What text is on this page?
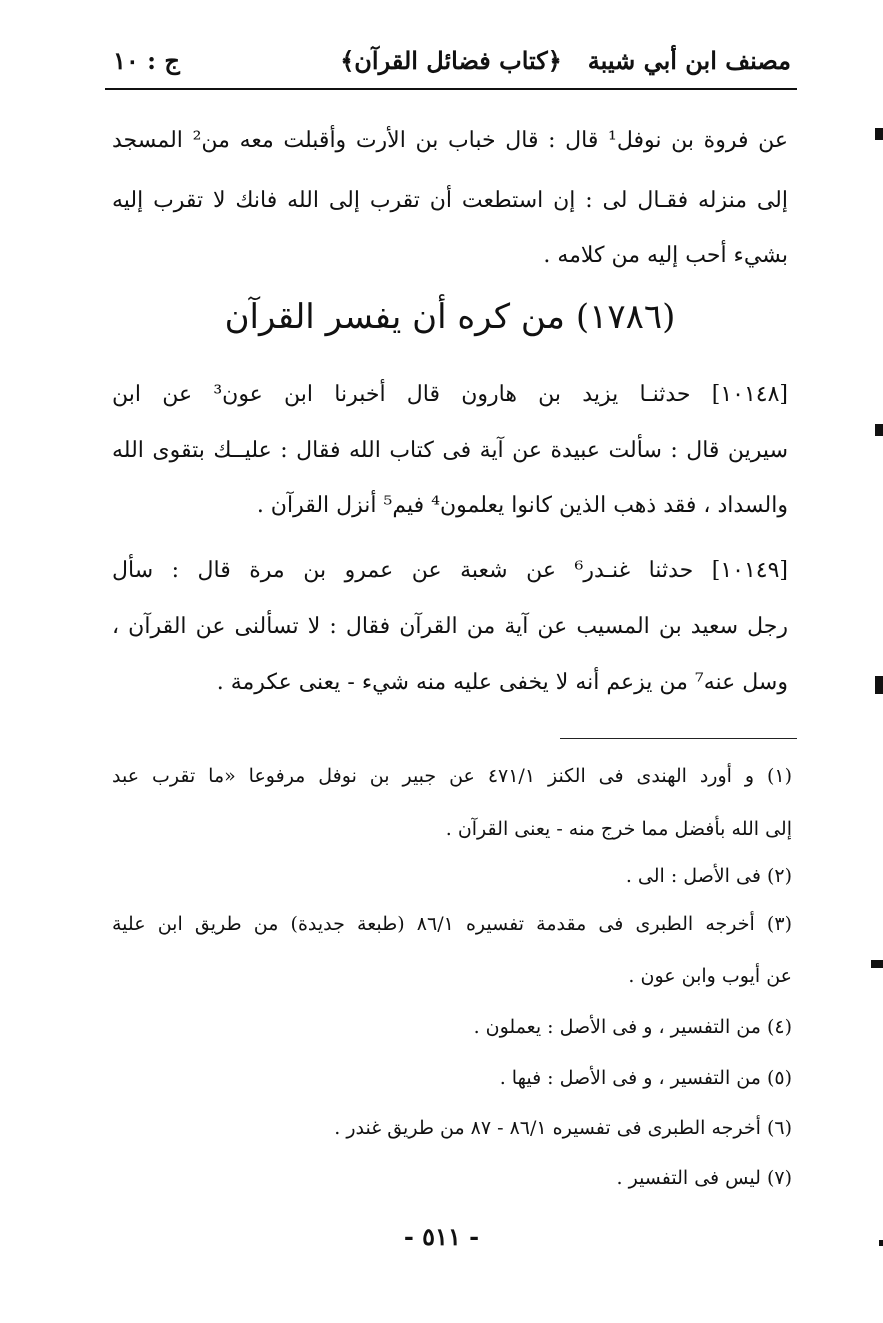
مصنف ابن أبي شيبة
﴿كتاب فضائل القرآن﴾
ج : ١٠
عن فروة بن نوفل¹ قال : قال خباب بن الأرت وأقبلت معه من² المسجد
إلى منزله فقـال لى : إن استطعت أن تقرب إلى الله فانك لا تقرب إليه
بشيء أحب إليه من كلامه .
(١٧٨٦) من كره أن يفسر القرآن
[١٠١٤٨] حدثنـا يزيد بن هارون قال أخبرنا ابن عون³ عن ابن
سيرين قال : سألت عبيدة عن آية فى كتاب الله فقال : عليــك بتقوى الله
والسداد ، فقد ذهب الذين كانوا يعلمون⁴ فيم⁵ أنزل القرآن .
[١٠١٤٩] حدثنا غنـدر⁶ عن شعبة عن عمرو بن مرة قال : سأل
رجل سعيد بن المسيب عن آية من القرآن فقال : لا تسألنى عن القرآن ،
وسل عنه⁷ من يزعم أنه لا يخفى عليه منه شيء - يعنى عكرمة .
(١) و أورد الهندى فى الكنز ٤٧١/١ عن جبير بن نوفل مرفوعا «ما تقرب عبد
إلى الله بأفضل مما خرج منه - يعنى القرآن .
(٢) فى الأصل : الى .
(٣) أخرجه الطبرى فى مقدمة تفسيره ٨٦/١ (طبعة جديدة) من طريق ابن علية
عن أيوب وابن عون .
(٤) من التفسير ، و فى الأصل : يعملون .
(٥) من التفسير ، و فى الأصل : فيها .
(٦) أخرجه الطبرى فى تفسيره ٨٦/١ - ٨٧ من طريق غندر .
(٧) ليس فى التفسير .
- ٥١١ -
